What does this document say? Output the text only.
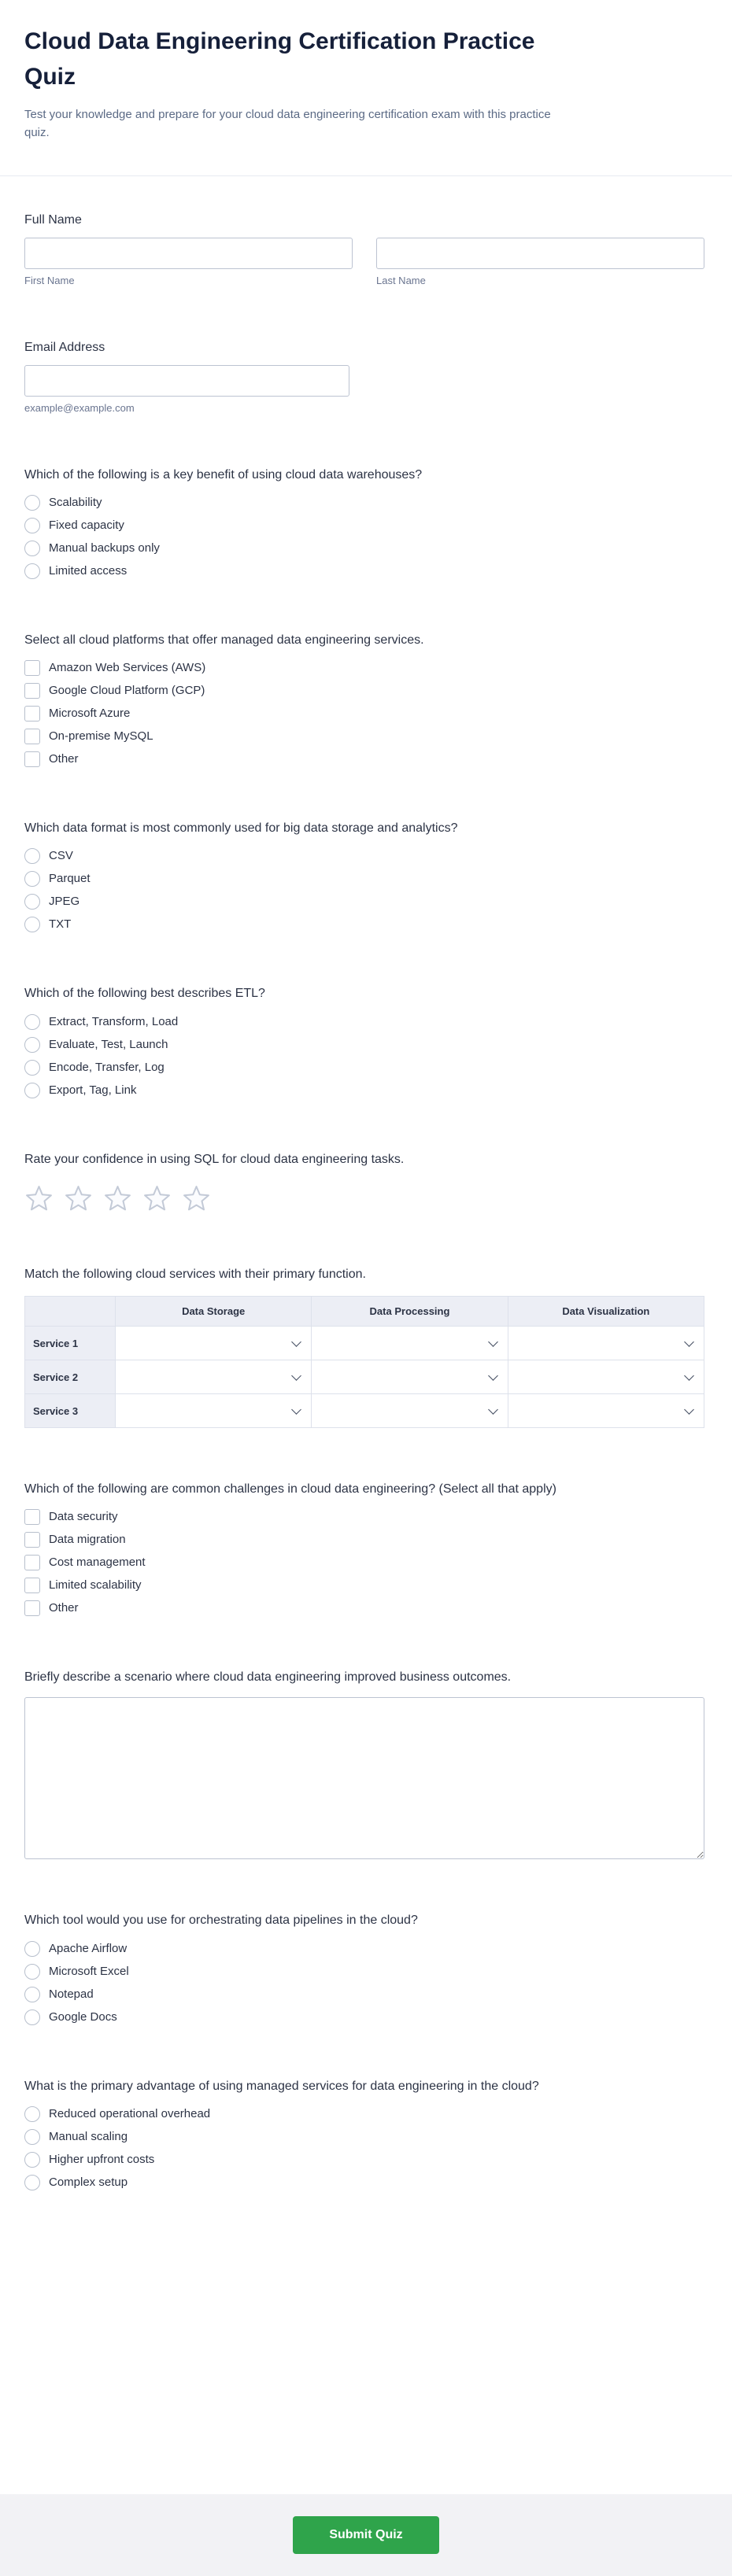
Cloud Data Engineering Certification Practice Quiz

Test your knowledge and prepare for your cloud data engineering certification exam with this practice quiz.

Full Name
First Name	Last Name
Email Address
example@example.com
Which of the following is a key benefit of using cloud data warehouses?
Scalability
Fixed capacity
Manual backups only
Limited access
Select all cloud platforms that offer managed data engineering services.
Amazon Web Services (AWS)
Google Cloud Platform (GCP)
Microsoft Azure
On-premise MySQL
Other
Which data format is most commonly used for big data storage and analytics?
CSV
Parquet
JPEG
TXT
Which of the following best describes ETL?
Extract, Transform, Load
Evaluate, Test, Launch
Encode, Transfer, Log
Export, Tag, Link
Rate your confidence in using SQL for cloud data engineering tasks.
Match the following cloud services with their primary function.
	Data Storage	Data Processing	Data Visualization
Service 1	

Service 2	

Service 3	

Which of the following are common challenges in cloud data engineering? (Select all that apply)
Data security
Data migration
Cost management
Limited scalability
Other
Briefly describe a scenario where cloud data engineering improved business outcomes.
Which tool would you use for orchestrating data pipelines in the cloud?
Apache Airflow
Microsoft Excel
Notepad
Google Docs
What is the primary advantage of using managed services for data engineering in the cloud?
Reduced operational overhead
Manual scaling
Higher upfront costs
Complex setup
Submit Quiz
